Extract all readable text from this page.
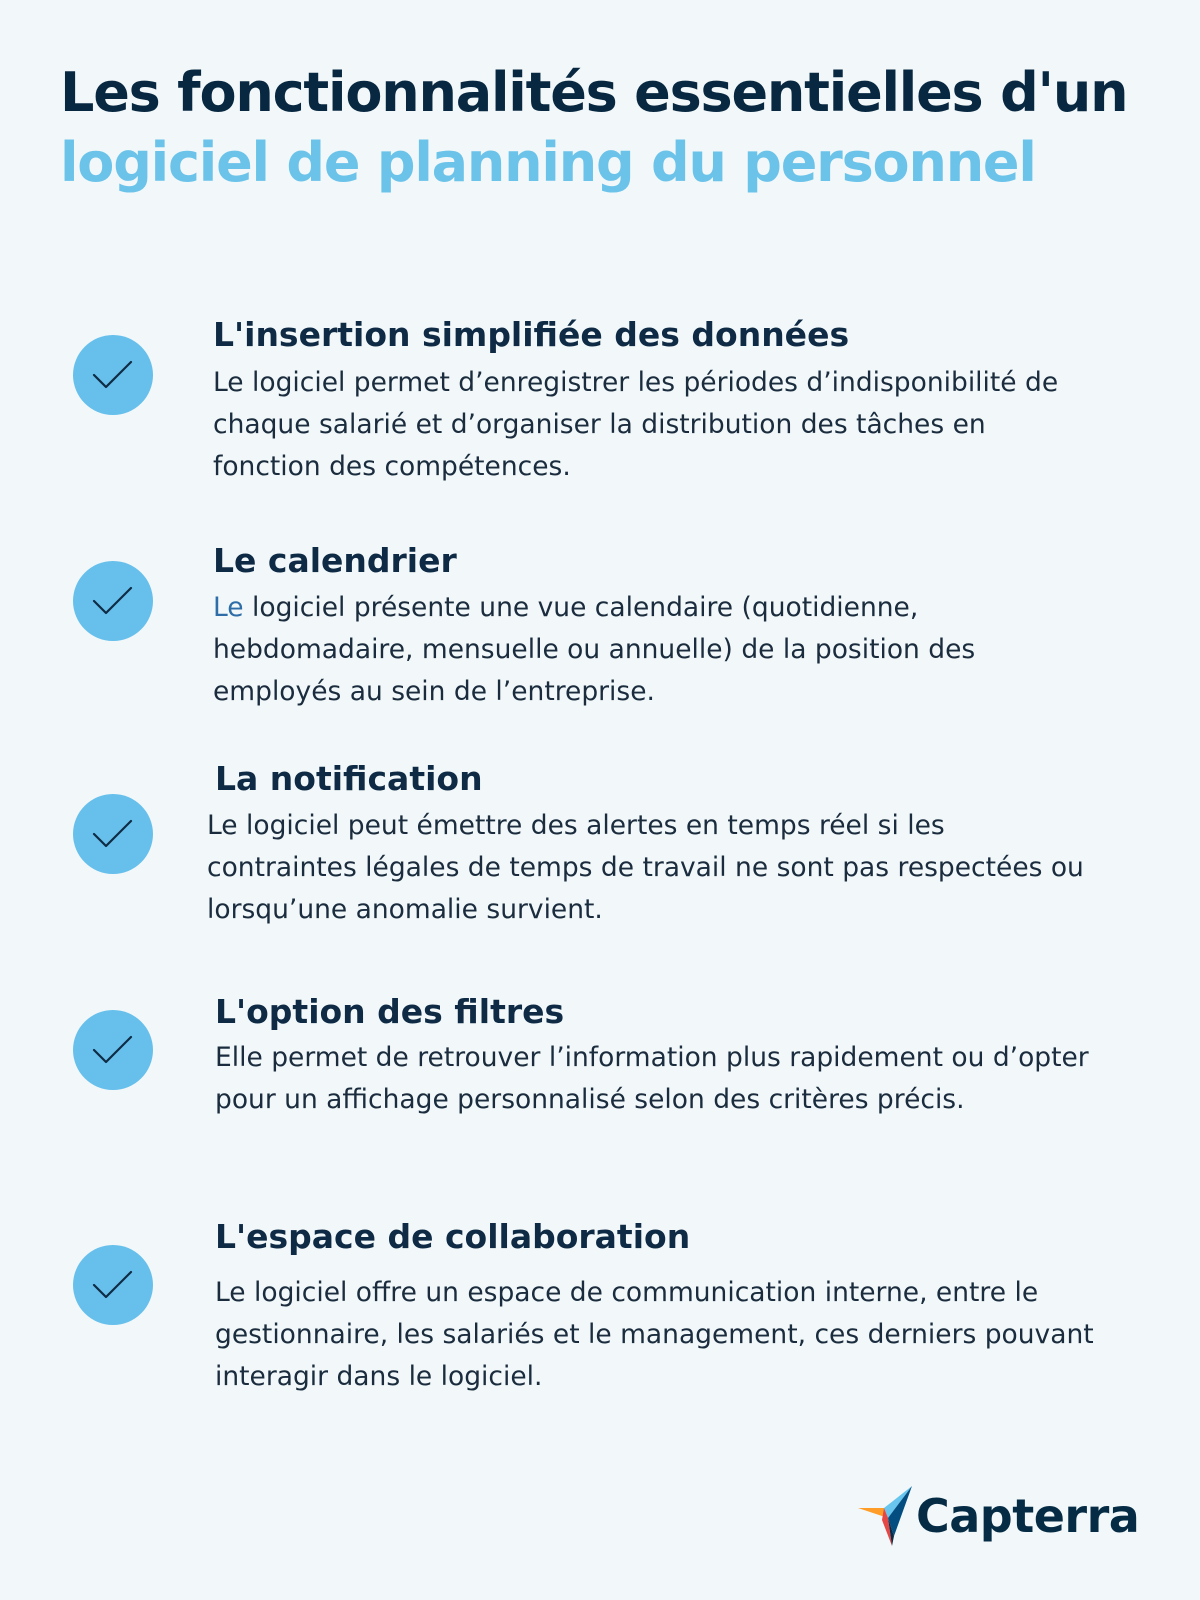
Les fonctionnalités essentielles d'un
logiciel de planning du personnel
L'insertion simplifiée des données

Le logiciel permet d’enregistrer les périodes d’indisponibilité de chaque salarié et d’organiser la distribution des tâches en fonction des compétences.

Le calendrier

Le logiciel présente une vue calendaire (quotidienne, hebdomadaire, mensuelle ou annuelle) de la position des employés au sein de l’entreprise.

La notification

Le logiciel peut émettre des alertes en temps réel si les contraintes légales de temps de travail ne sont pas respectées ou lorsqu’une anomalie survient.

L'option des filtres

Elle permet de retrouver l’information plus rapidement ou d’opter pour un affichage personnalisé selon des critères précis.

L'espace de collaboration

Le logiciel offre un espace de communication interne, entre le gestionnaire, les salariés et le management, ces derniers pouvant interagir dans le logiciel.

Capterra
